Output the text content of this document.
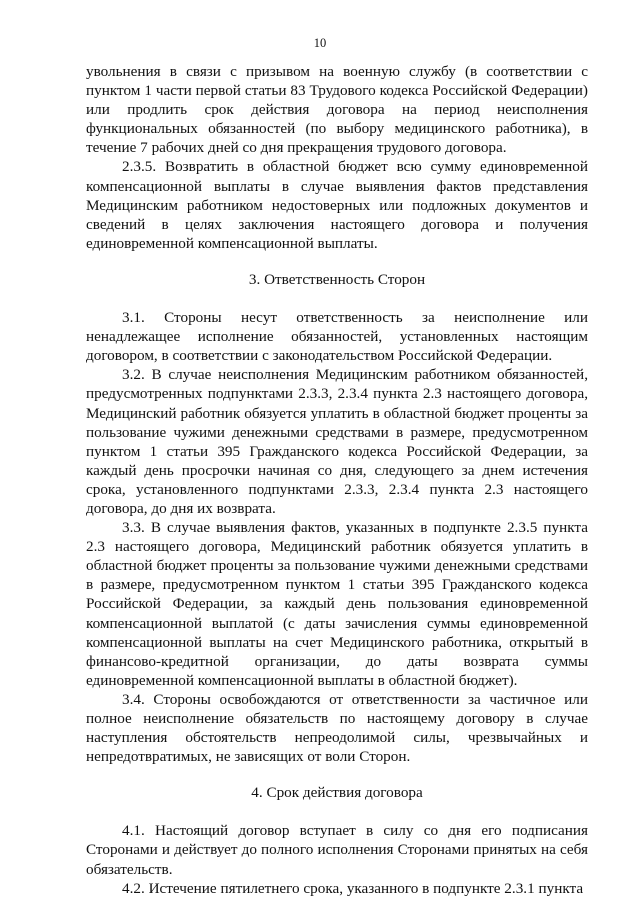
10

увольнения в связи с призывом на военную службу (в соответствии с пунктом 1 части первой статьи 83 Трудового кодекса Российской Федерации) или продлить срок действия договора на период неисполнения функциональных обязанностей (по выбору медицинского работника), в течение 7 рабочих дней со дня прекращения трудового договора.

2.3.5. Возвратить в областной бюджет всю сумму единовременной компенсационной выплаты в случае выявления фактов представления Медицинским работником недостоверных или подложных документов и сведений в целях заключения настоящего договора и получения единовременной компенсационной выплаты.

3. Ответственность Сторон

3.1. Стороны несут ответственность за неисполнение или ненадлежащее исполнение обязанностей, установленных настоящим договором, в соответствии с законодательством Российской Федерации.

3.2. В случае неисполнения Медицинским работником обязанностей, предусмотренных подпунктами 2.3.3, 2.3.4 пункта 2.3 настоящего договора, Медицинский работник обязуется уплатить в областной бюджет проценты за пользование чужими денежными средствами в размере, предусмотренном пунктом 1 статьи 395 Гражданского кодекса Российской Федерации, за каждый день просрочки начиная со дня, следующего за днем истечения срока, установленного подпунктами 2.3.3, 2.3.4 пункта 2.3 настоящего договора, до дня их возврата.

3.3. В случае выявления фактов, указанных в подпункте 2.3.5 пункта 2.3 настоящего договора, Медицинский работник обязуется уплатить в областной бюджет проценты за пользование чужими денежными средствами в размере, предусмотренном пунктом 1 статьи 395 Гражданского кодекса Российской Федерации, за каждый день пользования единовременной компенсационной выплатой (с даты зачисления суммы единовременной компенсационной выплаты на счет Медицинского работника, открытый в финансово-кредитной организации, до даты возврата суммы единовременной компенсационной выплаты в областной бюджет).

3.4. Стороны освобождаются от ответственности за частичное или полное неисполнение обязательств по настоящему договору в случае наступления обстоятельств непреодолимой силы, чрезвычайных и непредотвратимых, не зависящих от воли Сторон.

4. Срок действия договора

4.1. Настоящий договор вступает в силу со дня его подписания Сторонами и действует до полного исполнения Сторонами принятых на себя обязательств.

4.2. Истечение пятилетнего срока, указанного в подпункте 2.3.1 пункта
